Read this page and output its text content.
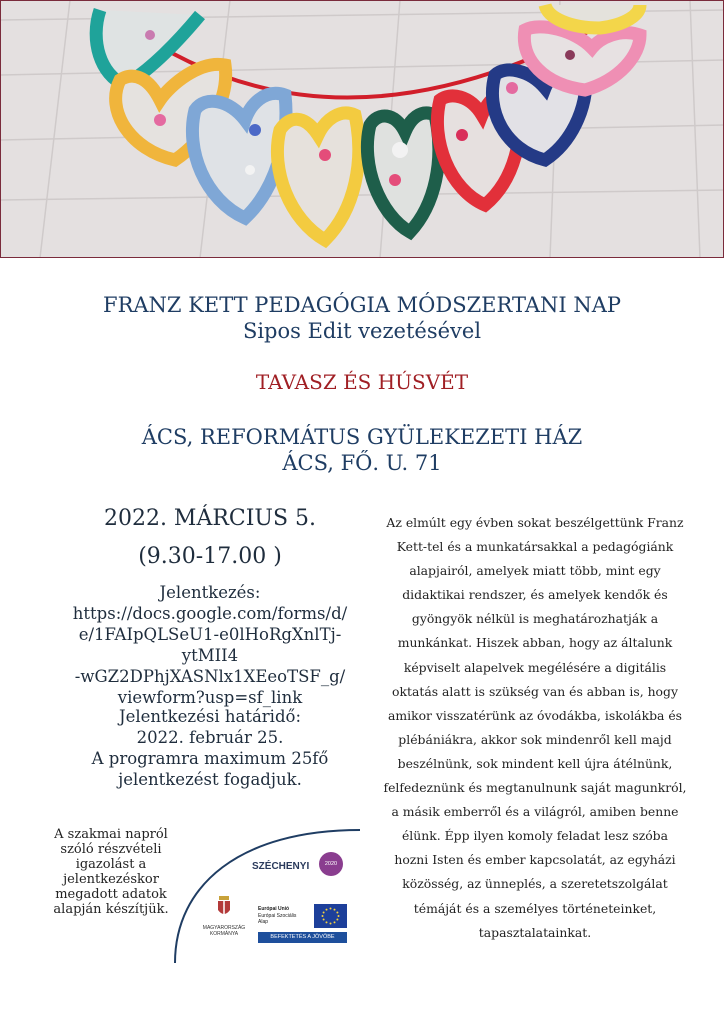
FRANZ KETT PEDAGÓGIA MÓDSZERTANI NAP
Sipos Edit vezetésével
TAVASZ ÉS HÚSVÉT
ÁCS, REFORMÁTUS GYÜLEKEZETI HÁZ
ÁCS, FŐ. U. 71
2022. MÁRCIUS 5.
(9.30-17.00 )
Jelentkezés:
https://docs.google.com/forms/d/
e/1FAIpQLSeU1-e0lHoRgXnlTj-ytMII4
-wGZ2DPhjXASNlx1XEeoTSF_g/
viewform?usp=sf_link
Jelentkezési határidő:
2022. február 25.
A programra maximum 25fő
jelentkezést fogadjuk.
Az elmúlt egy évben sokat beszélgettünk Franz
Kett-tel és a munkatársakkal a pedagógiánk
alapjairól, amelyek miatt több, mint egy
didaktikai rendszer, és amelyek kendők és
gyöngyök nélkül is meghatározhatják a
munkánkat. Hiszek abban, hogy az általunk
képviselt alapelvek megélésére a digitális
oktatás alatt is szükség van és abban is, hogy
amikor visszatérünk az óvodákba, iskolákba és
plébániákra, akkor sok mindenről kell majd
beszélnünk, sok mindent kell újra átélnünk,
felfedeznünk és megtanulnunk saját magunkról,
a másik emberről és a világról, amiben benne
élünk. Épp ilyen komoly feladat lesz szóba
hozni Isten és ember kapcsolatát, az egyházi
közösség, az ünneplés, a szeretetszolgálat
témáját és a személyes történeteinket,
tapasztalatainkat.
A szakmai napról
szóló részvételi
igazolást a
jelentkezéskor
megadott adatok
alapján készítjük.
SZÉCHENYI	2020
MAGYARORSZÁG
KORMÁNYA
Európai Unió
Európai Szociális
Alap
BEFEKTETÉS A JÖVŐBE
